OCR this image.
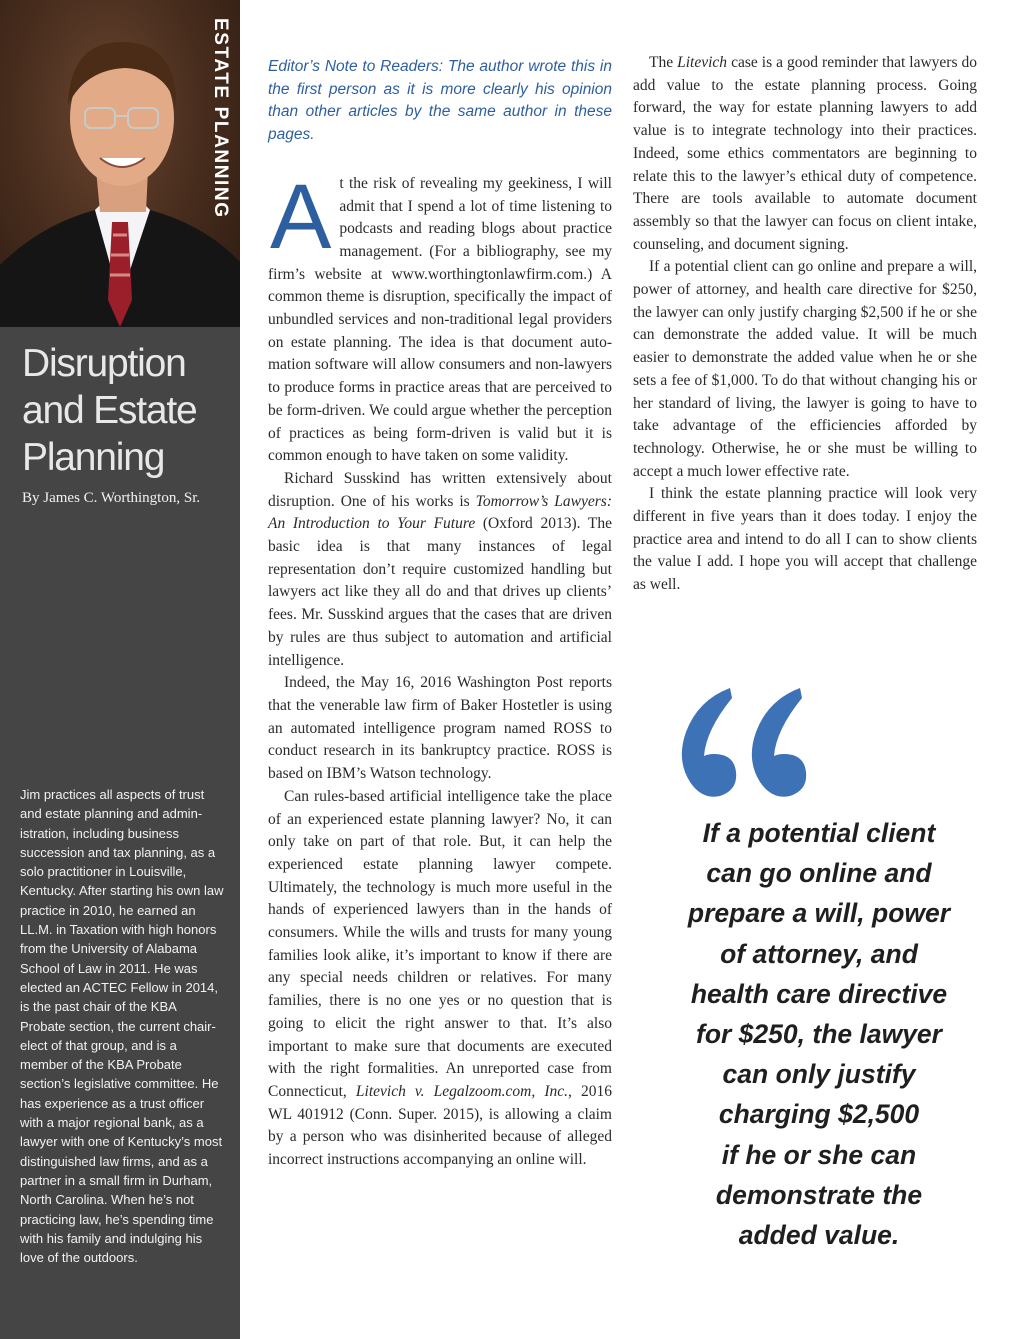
ESTATE PLANNING
Disruption
and Estate
Planning
By James C. Worthington, Sr.
Jim practices all aspects of trust and estate planning and administration, including business succession and tax planning, as a solo practitioner in Louisville, Kentucky. After starting his own law practice in 2010, he earned an LL.M. in Taxation with high honors from the University of Alabama School of Law in 2011. He was elected an ACTEC Fellow in 2014, is the past chair of the KBA Probate section, the current chair-elect of that group, and is a member of the KBA Probate section’s legislative committee. He has experience as a trust officer with a major regional bank, as a lawyer with one of Kentucky’s most distinguished law firms, and as a partner in a small firm in Durham, North Carolina. When he’s not practicing law, he’s spending time with his family and indulging his love of the outdoors.

Editor’s Note to Readers: The author wrote this in the first person as it is more clearly his opinion than other articles by the same author in these pages.

At the risk of revealing my geekiness, I will admit that I spend a lot of time listening to podcasts and reading blogs about practice management. (For a bibliography, see my firm’s website at www.​worthingtonlawfirm.com.) A common theme is disruption, specifically the impact of unbundled services and non-traditional legal providers on estate planning. The idea is that document automation software will allow consumers and non-lawyers to produce forms in practice areas that are perceived to be form-driven. We could argue whether the perception of practices as being form-driven is valid but it is common enough to have taken on some validity.

Richard Susskind has written extensively about disruption. One of his works is Tomorrow’s Lawyers: An Introduction to Your Future (Oxford 2013). The basic idea is that many instances of legal representation don’t require customized handling but lawyers act like they all do and that drives up clients’ fees. Mr. Susskind argues that the cases that are driven by rules are thus subject to automation and artificial intelligence.

Indeed, the May 16, 2016 Washington Post reports that the venerable law firm of Baker Hostetler is using an automated intelligence program named ROSS to conduct research in its bankruptcy practice. ROSS is based on IBM’s Watson technology.

Can rules-based artificial intelligence take the place of an experienced estate planning lawyer? No, it can only take on part of that role. But, it can help the experienced estate planning lawyer compete. Ultimately, the technology is much more useful in the hands of experienced lawyers than in the hands of consumers. While the wills and trusts for many young families look alike, it’s important to know if there are any special needs children or relatives. For many families, there is no one yes or no question that is going to elicit the right answer to that. It’s also important to make sure that documents are executed with the right formalities. An unreported case from Connecticut, Litevich v. Legalzoom.com, Inc., 2016 WL 401912 (Conn. Super. 2015), is allowing a claim by a person who was disinherited because of alleged incorrect instructions accompanying an online will.

The Litevich case is a good reminder that lawyers do add value to the estate planning process. Going forward, the way for estate planning lawyers to add value is to integrate technology into their practices. Indeed, some ethics commentators are beginning to relate this to the lawyer’s ethical duty of competence. There are tools available to automate document assembly so that the lawyer can focus on client intake, counseling, and document signing.

If a potential client can go online and prepare a will, power of attorney, and health care directive for $250, the lawyer can only justify charging $2,500 if he or she can demonstrate the added value. It will be much easier to demonstrate the added value when he or she sets a fee of $1,000. To do that without changing his or her standard of living, the lawyer is going to have to take advantage of the efficiencies afforded by technology. Otherwise, he or she must be willing to accept a much lower effective rate.

I think the estate planning practice will look very different in five years than it does today. I enjoy the practice area and intend to do all I can to show clients the value I add. I hope you will accept that challenge as well.

If a potential client
can go online and
prepare a will, power
of attorney, and
health care directive
for $250, the lawyer
can only justify
charging $2,500
if he or she can
demonstrate the
added value.
